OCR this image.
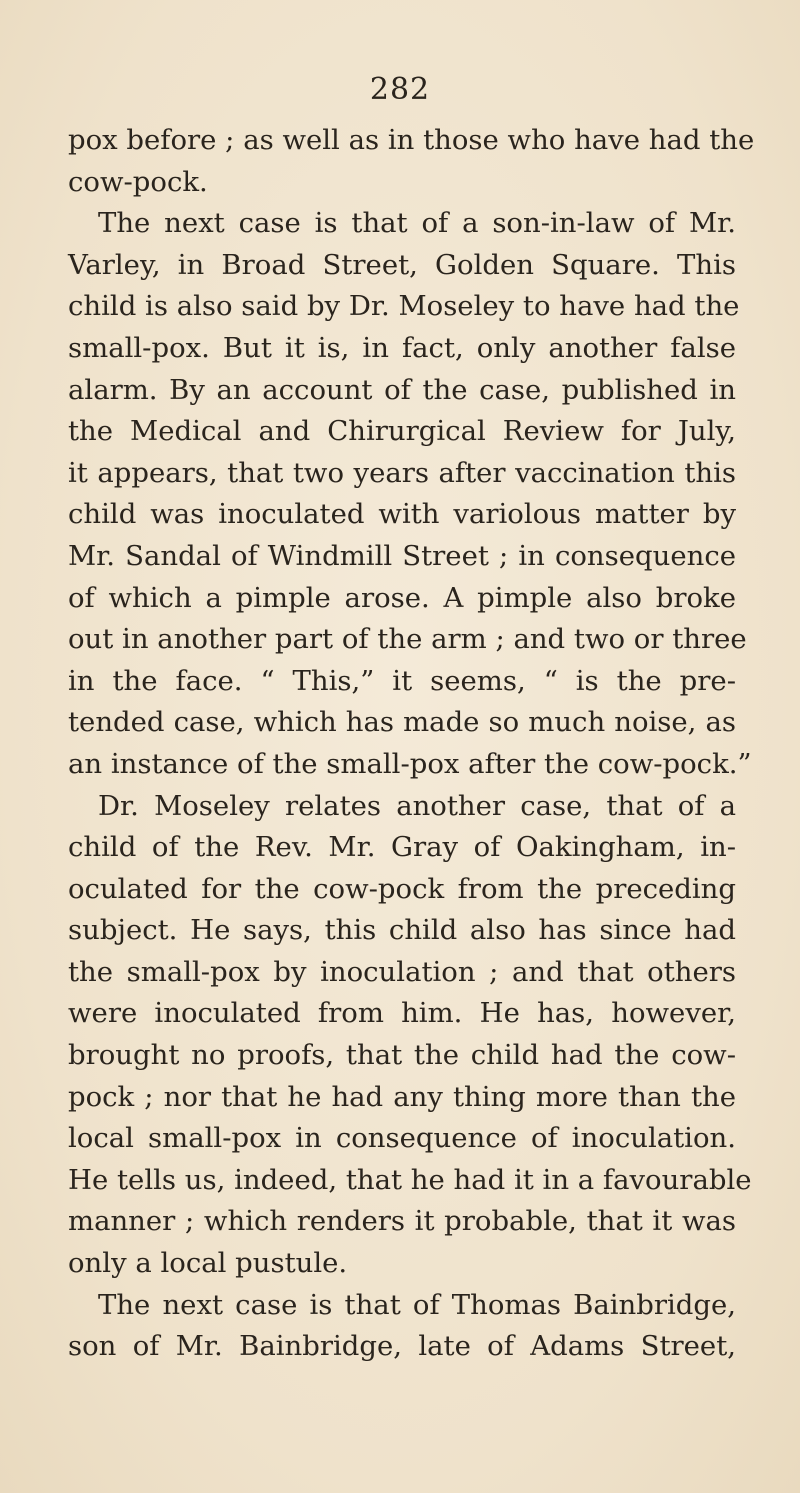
282
pox before ; as well as in those who have had the
cow-pock.
The next case is that of a son-in-law of Mr.
Varley, in Broad Street, Golden Square. This
child is also said by Dr. Moseley to have had the
small-pox. But it is, in fact, only another false
alarm. By an account of the case, published in
the Medical and Chirurgical Review for July,
it appears, that two years after vaccination this
child was inoculated with variolous matter by
Mr. Sandal of Windmill Street ; in consequence
of which a pimple arose. A pimple also broke
out in another part of the arm ; and two or three
in the face. “ This,” it seems, “ is the pre-
tended case, which has made so much noise, as
an instance of the small-pox after the cow-pock.”
Dr. Moseley relates another case, that of a
child of the Rev. Mr. Gray of Oakingham, in-
oculated for the cow-pock from the preceding
subject. He says, this child also has since had
the small-pox by inoculation ; and that others
were inoculated from him. He has, however,
brought no proofs, that the child had the cow-
pock ; nor that he had any thing more than the
local small-pox in consequence of inoculation.
He tells us, indeed, that he had it in a favourable
manner ; which renders it probable, that it was
only a local pustule.
The next case is that of Thomas Bainbridge,
son of Mr. Bainbridge, late of Adams Street,
